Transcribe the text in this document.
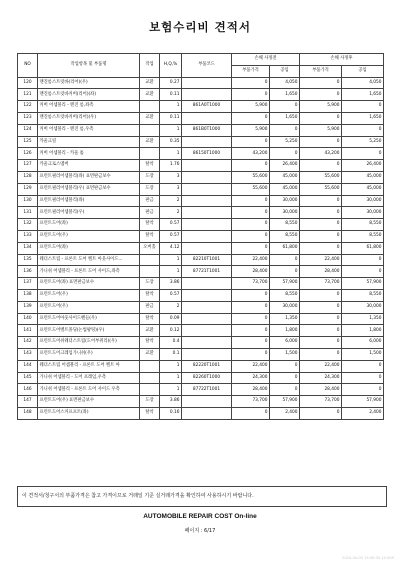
보험수리비 견적서
NO	작업항목 및 부품명	작업	H,Q,%	부품코드	손해 사정전		손해 사정후	
					부품가격	공임	부품가격	공임
120	맨진룸스트럿바(리어)(우)	교환	0.27		0	4,050	0	4,050
121	맨진룸스트럿바커버(리어)(좌)	교환	0.11		0	1,650	0	1,650
122	커버 어셈블리 - 맨진 룸,좌측		1	861A0T1000	5,900	0	5,900	0
123	맨진룸스트럿바커버(리어)(우)	교환	0.11		0	1,650	0	1,650
124	커버 어셈블리 - 맨진 룸,우측		1	861B0T1000	5,900	0	5,900	0
125	카울크릴	교환	0.35		0	5,250	0	5,250
126	커버 어셈블리 - 카울 톱		1	86150T1000	43,200	0	43,200	0
127	카울크로스멤버	탈착	1.76		0	26,400	0	26,400
128	프런트필러어셈블리(좌) 표면판금보수	도장	3		55,600	45,000	55,600	45,000
129	프런트필러어셈블리(우) 표면판금보수	도장	3		55,600	45,000	55,600	45,000
130	프런트필러어셈블리(좌)	판금	2		0	30,000	0	30,000
131	프런트필러어셈블리(우)	판금	2		0	30,000	0	30,000
132	프런트도어(좌)	탈착	0.57		0	8,550	0	8,550
133	프런트도어(우)	탈착	0.57		0	8,550	0	8,550
134	프런트도어(좌)	오버홀	4.12		0	61,800	0	61,800
135	웨더스트립 - 프론트 도어 벨트 아웃사이드...		1	82210T1001	22,400	0	22,400	0
136	가니쉬 어셈블리 - 프론트 도어 사이드,좌측		1	87721T1001	28,400	0	28,400	0
137	프런트도어(좌) 표면판금보수	도장	3.86		73,700	57,900	73,700	57,900
138	프런트도어(우)	탈착	0.57		0	8,550	0	8,550
139	프런트도어(우)	판금	2		0	30,000	0	30,000
140	프런트도어아웃사이드핸들(우)	탈착	0.09		0	1,350	0	1,350
141	프런트도어벨트몰딩(논썸팡팅)(우)	교환	0.12		0	1,800	0	1,800
142	프런트도어쉬웨더스트립(도어부취리)(우)	탈착	0.4		0	6,000	0	6,000
143	프런트도어크레임가니쉬(우)	교환	0.1		0	1,500	0	1,500
144	웨더스트립 어셈블리 - 프론트 도어 벨트 아		1	82220T1001	22,400	0	22,400	0
145	가니쉬 어셈블리 - 도어 프레임,우측		1	82260T1000	24,300	0	24,300	0
146	가니쉬 어셈블리 - 프론트 도어 사이드 우측		1	87722T1001	28,400	0	28,400	0
147	프런트도어(우) 표면판금보수	도장	3.86		73,700	57,900	73,700	57,900
148	프런트도어스커프프트(좌)	탈착	0.16		0	2,400	0	2,400
이 견적서/청구서의 부품가격은 참고 가격이므로 거래일 기준 실거래가격을 확인하여 사용하시기 바랍니다.
AUTOMOBILE REPAIR COST On-line
페이지 : 6/17
2024-04-05 15:45:30.10:409
